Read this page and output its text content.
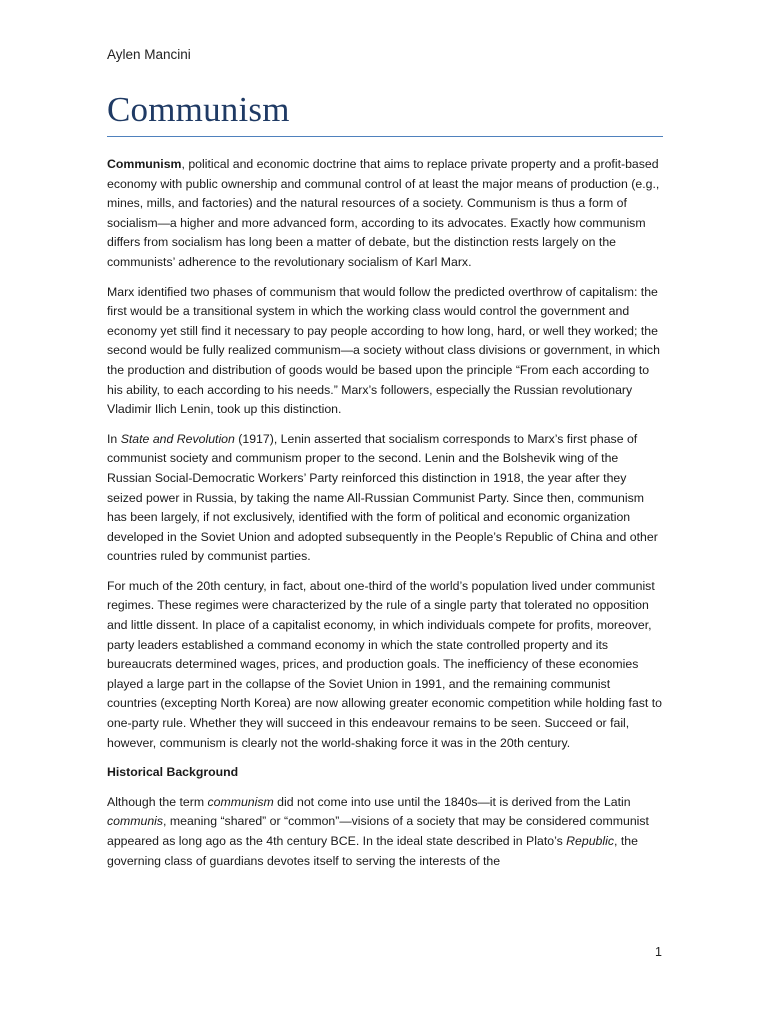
Aylen Mancini
Communism

Communism, political and economic doctrine that aims to replace private property and a profit-based economy with public ownership and communal control of at least the major means of production (e.g., mines, mills, and factories) and the natural resources of a society. Communism is thus a form of socialism—a higher and more advanced form, according to its advocates. Exactly how communism differs from socialism has long been a matter of debate, but the distinction rests largely on the communists’ adherence to the revolutionary socialism of Karl Marx.

Marx identified two phases of communism that would follow the predicted overthrow of capitalism: the first would be a transitional system in which the working class would control the government and economy yet still find it necessary to pay people according to how long, hard, or well they worked; the second would be fully realized communism—a society without class divisions or government, in which the production and distribution of goods would be based upon the principle “From each according to his ability, to each according to his needs.” Marx’s followers, especially the Russian revolutionary Vladimir Ilich Lenin, took up this distinction.

In State and Revolution (1917), Lenin asserted that socialism corresponds to Marx’s first phase of communist society and communism proper to the second. Lenin and the Bolshevik wing of the Russian Social-Democratic Workers’ Party reinforced this distinction in 1918, the year after they seized power in Russia, by taking the name All-Russian Communist Party. Since then, communism has been largely, if not exclusively, identified with the form of political and economic organization developed in the Soviet Union and adopted subsequently in the People’s Republic of China and other countries ruled by communist parties.

For much of the 20th century, in fact, about one-third of the world’s population lived under communist regimes. These regimes were characterized by the rule of a single party that tolerated no opposition and little dissent. In place of a capitalist economy, in which individuals compete for profits, moreover, party leaders established a command economy in which the state controlled property and its bureaucrats determined wages, prices, and production goals. The inefficiency of these economies played a large part in the collapse of the Soviet Union in 1991, and the remaining communist countries (excepting North Korea) are now allowing greater economic competition while holding fast to one-party rule. Whether they will succeed in this endeavour remains to be seen. Succeed or fail, however, communism is clearly not the world-shaking force it was in the 20th century.

Historical Background

Although the term communism did not come into use until the 1840s—it is derived from the Latin communis, meaning “shared” or “common”—visions of a society that may be considered communist appeared as long ago as the 4th century BCE. In the ideal state described in Plato’s Republic, the governing class of guardians devotes itself to serving the interests of the

1
